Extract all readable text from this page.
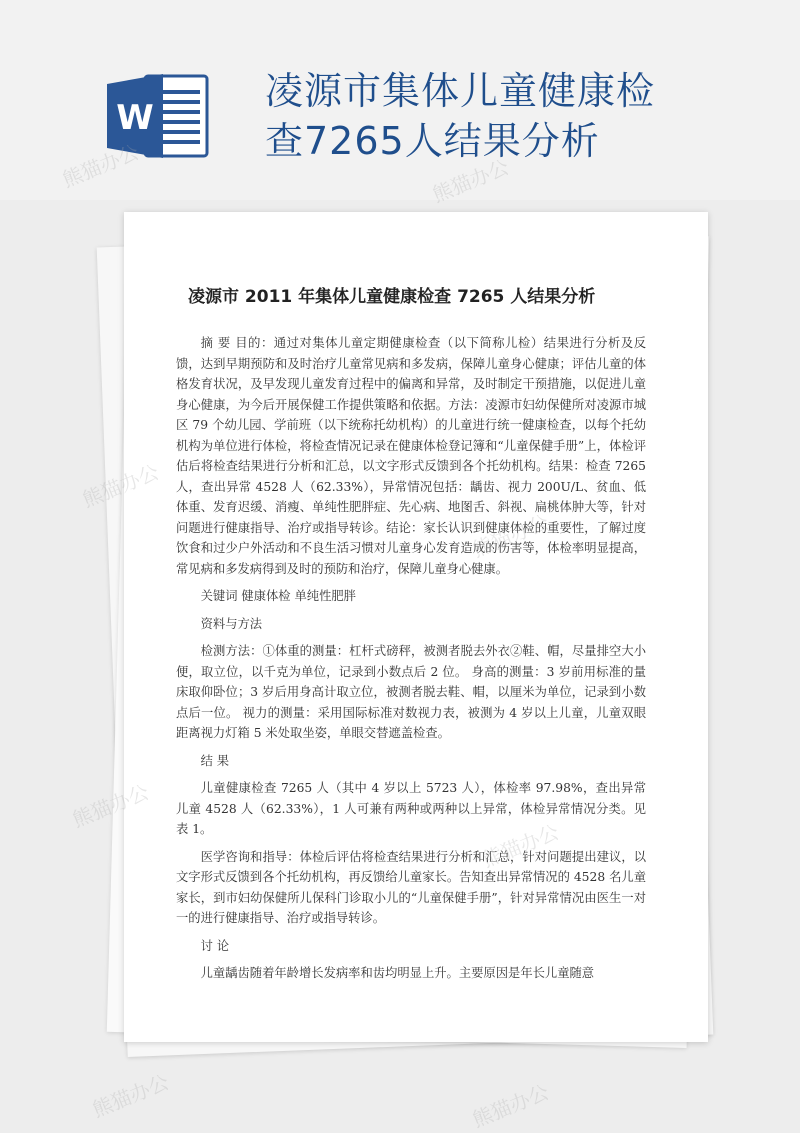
W
凌源市集体儿童健康检
查7265人结果分析
凌源市 2011 年集体儿童健康检查 7265 人结果分析

摘 要 目的：通过对集体儿童定期健康检查（以下简称儿检）结果进行分析及反馈，达到早期预防和及时治疗儿童常见病和多发病，保障儿童身心健康；评估儿童的体格发育状况，及早发现儿童发育过程中的偏离和异常，及时制定干预措施，以促进儿童身心健康，为今后开展保健工作提供策略和依据。方法：凌源市妇幼保健所对凌源市城区 79 个幼儿园、学前班（以下统称托幼机构）的儿童进行统一健康检查，以每个托幼机构为单位进行体检，将检查情况记录在健康体检登记簿和“儿童保健手册”上，体检评估后将检查结果进行分析和汇总，以文字形式反馈到各个托幼机构。结果：检查 7265 人，查出异常 4528 人（62.33%），异常情况包括：龋齿、视力 200U/L、贫血、低体重、发育迟缓、消瘦、单纯性肥胖症、先心病、地图舌、斜视、扁桃体肿大等，针对问题进行健康指导、治疗或指导转诊。结论：家长认识到健康体检的重要性，了解过度饮食和过少户外活动和不良生活习惯对儿童身心发育造成的伤害等，体检率明显提高，常见病和多发病得到及时的预防和治疗，保障儿童身心健康。

关键词 健康体检 单纯性肥胖

资料与方法

检测方法：①体重的测量：杠杆式磅秤，被测者脱去外衣②鞋、帽，尽量排空大小便，取立位，以千克为单位，记录到小数点后 2 位。 身高的测量：3 岁前用标准的量床取仰卧位；3 岁后用身高计取立位，被测者脱去鞋、帽，以厘米为单位，记录到小数点后一位。 视力的测量：采用国际标准对数视力表，被测为 4 岁以上儿童，儿童双眼距离视力灯箱 5 米处取坐姿，单眼交替遮盖检查。

结 果

儿童健康检查 7265 人（其中 4 岁以上 5723 人），体检率 97.98%，查出异常儿童 4528 人（62.33%），1 人可兼有两种或两种以上异常，体检异常情况分类。见表 1。

医学咨询和指导：体检后评估将检查结果进行分析和汇总，针对问题提出建议，以文字形式反馈到各个托幼机构，再反馈给儿童家长。告知查出异常情况的 4528 名儿童家长，到市妇幼保健所儿保科门诊取小儿的“儿童保健手册”，针对异常情况由医生一对一的进行健康指导、治疗或指导转诊。

讨 论

儿童龋齿随着年龄增长发病率和齿均明显上升。主要原因是年长儿童随意

熊猫办公	熊猫办公
熊猫办公
熊猫办公
熊猫办公
熊猫办公
熊猫办公	熊猫办公
